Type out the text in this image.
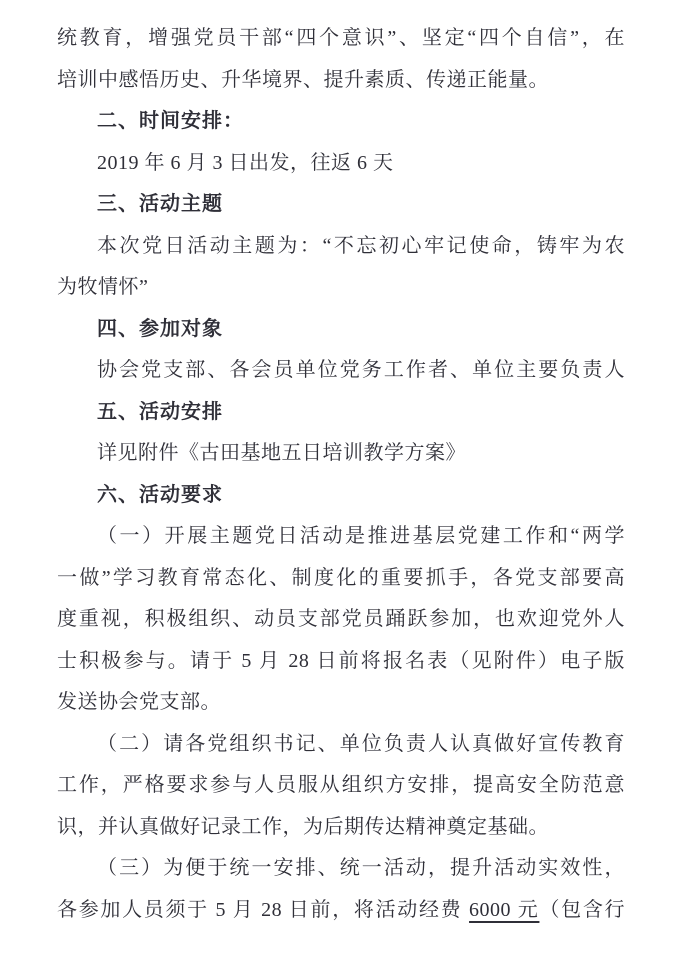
统教育，增强党员干部“四个意识”、坚定“四个自信”，在
培训中感悟历史、升华境界、提升素质、传递正能量。
二、时间安排：
2019 年 6 月 3 日出发，往返 6 天
三、活动主题
本次党日活动主题为：“不忘初心牢记使命，铸牢为农
为牧情怀”
四、参加对象
协会党支部、各会员单位党务工作者、单位主要负责人
五、活动安排
详见附件《古田基地五日培训教学方案》
六、活动要求
（一）开展主题党日活动是推进基层党建工作和“两学
一做”学习教育常态化、制度化的重要抓手，各党支部要高
度重视，积极组织、动员支部党员踊跃参加，也欢迎党外人
士积极参与。请于 5 月 28 日前将报名表（见附件）电子版
发送协会党支部。
（二）请各党组织书记、单位负责人认真做好宣传教育
工作，严格要求参与人员服从组织方安排，提高安全防范意
识，并认真做好记录工作，为后期传达精神奠定基础。
（三）为便于统一安排、统一活动，提升活动实效性，
各参加人员须于 5 月 28 日前，将活动经费 6000 元（包含行
